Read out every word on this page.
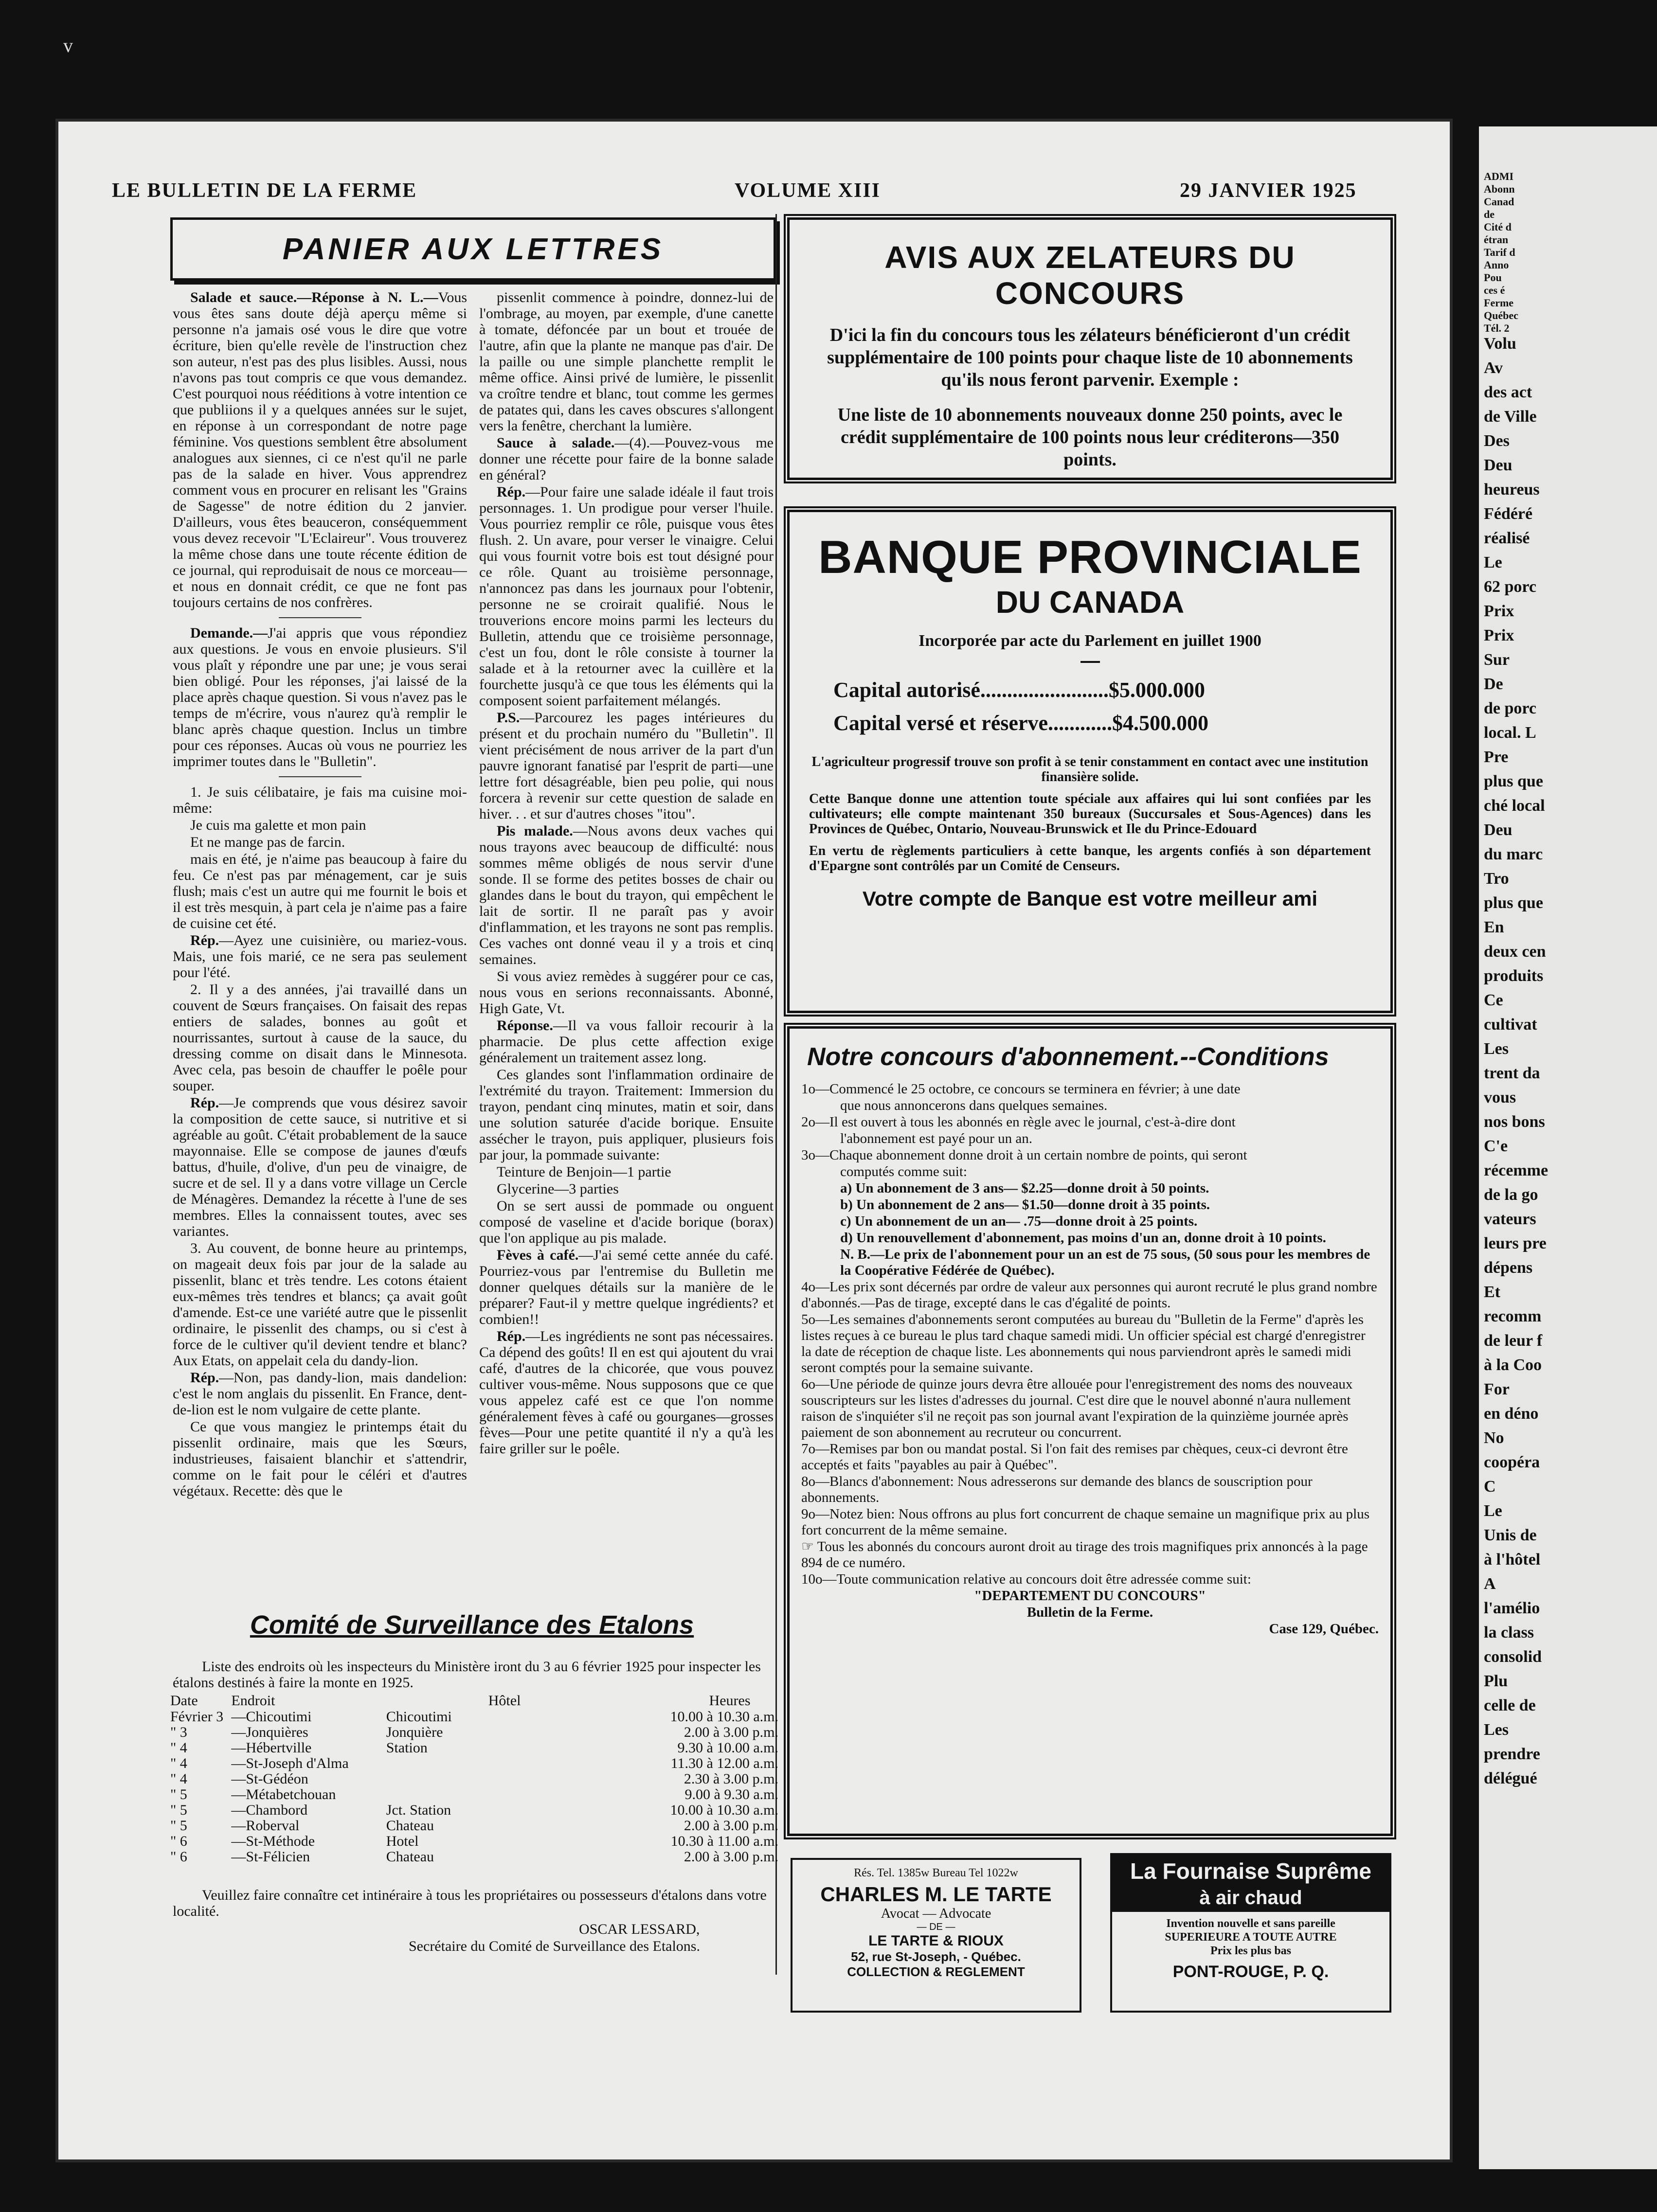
v
ADMI
Abonn
Canad
de
Cité d
étran
Tarif d
Anno
Pou
ces é
Ferme
Québec
Tél. 2
Volu
Av
des act
de Ville
Des
Deu
heureus
Fédéré
réalisé
Le
62 porc
Prix
Prix
Sur
De
de porc
local. L
Pre
plus que
ché local
Deu
du marc
Tro
plus que
En
deux cen
produits
Ce
cultivat
Les
trent da
vous
nos bons
C'e
récemme
de la go
vateurs
leurs pre
dépens
Et
recomm
de leur f
à la Coo
For
en déno
No
coopéra
C
Le
Unis de
à l'hôtel
A
l'amélio
la class
consolid
Plu
celle de
Les
prendre
délégué
LE BULLETIN DE LA FERME	VOLUME XIII	29 JANVIER 1925
PANIER AUX LETTRES

Salade et sauce.—Réponse à N. L.—Vous vous êtes sans doute déjà aperçu même si personne n'a jamais osé vous le dire que votre écriture, bien qu'elle revèle de l'instruction chez son auteur, n'est pas des plus lisibles. Aussi, nous n'avons pas tout compris ce que vous demandez. C'est pourquoi nous rééditions à votre intention ce que publiions il y a quelques années sur le sujet, en réponse à un correspondant de notre page féminine. Vos questions semblent être absolument analogues aux siennes, ci ce n'est qu'il ne parle pas de la salade en hiver. Vous apprendrez comment vous en procurer en relisant les "Grains de Sagesse" de notre édition du 2 janvier. D'ailleurs, vous êtes beauceron, conséquemment vous devez recevoir "L'Eclaireur". Vous trouverez la même chose dans une toute récente édition de ce journal, qui reproduisait de nous ce morceau—et nous en donnait crédit, ce que ne font pas toujours certains de nos confrères.

Demande.—J'ai appris que vous répondiez aux questions. Je vous en envoie plusieurs. S'il vous plaît y répondre une par une; je vous serai bien obligé. Pour les réponses, j'ai laissé de la place après chaque question. Si vous n'avez pas le temps de m'écrire, vous n'aurez qu'à remplir le blanc après chaque question. Inclus un timbre pour ces réponses. Aucas où vous ne pourriez les imprimer toutes dans le "Bulletin".

1. Je suis célibataire, je fais ma cuisine moi-même:

Je cuis ma galette et mon pain

Et ne mange pas de farcin.

mais en été, je n'aime pas beaucoup à faire du feu. Ce n'est pas par ménagement, car je suis flush; mais c'est un autre qui me fournit le bois et il est très mesquin, à part cela je n'aime pas a faire de cuisine cet été.

Rép.—Ayez une cuisinière, ou mariez-vous. Mais, une fois marié, ce ne sera pas seulement pour l'été.

2. Il y a des années, j'ai travaillé dans un couvent de Sœurs françaises. On faisait des repas entiers de salades, bonnes au goût et nourrissantes, surtout à cause de la sauce, du dressing comme on disait dans le Minnesota. Avec cela, pas besoin de chauffer le poêle pour souper.

Rép.—Je comprends que vous désirez savoir la composition de cette sauce, si nutritive et si agréable au goût. C'était probablement de la sauce mayonnaise. Elle se compose de jaunes d'œufs battus, d'huile, d'olive, d'un peu de vinaigre, de sucre et de sel. Il y a dans votre village un Cercle de Ménagères. Demandez la récette à l'une de ses membres. Elles la connaissent toutes, avec ses variantes.

3. Au couvent, de bonne heure au printemps, on mageait deux fois par jour de la salade au pissenlit, blanc et très tendre. Les cotons étaient eux-mêmes très tendres et blancs; ça avait goût d'amende. Est-ce une variété autre que le pissenlit ordinaire, le pissenlit des champs, ou si c'est à force de le cultiver qu'il devient tendre et blanc? Aux Etats, on appelait cela du dandy-lion.

Rép.—Non, pas dandy-lion, mais dandelion: c'est le nom anglais du pissenlit. En France, dent-de-lion est le nom vulgaire de cette plante.

Ce que vous mangiez le printemps était du pissenlit ordinaire, mais que les Sœurs, industrieuses, faisaient blanchir et s'attendrir, comme on le fait pour le céléri et d'autres végétaux. Recette: dès que le

pissenlit commence à poindre, donnez-lui de l'ombrage, au moyen, par exemple, d'une canette à tomate, défoncée par un bout et trouée de l'autre, afin que la plante ne manque pas d'air. De la paille ou une simple planchette remplit le même office. Ainsi privé de lumière, le pissenlit va croître tendre et blanc, tout comme les germes de patates qui, dans les caves obscures s'allongent vers la fenêtre, cherchant la lumière.

Sauce à salade.—(4).—Pouvez-vous me donner une récette pour faire de la bonne salade en général?

Rép.—Pour faire une salade idéale il faut trois personnages. 1. Un prodigue pour verser l'huile. Vous pourriez remplir ce rôle, puisque vous êtes flush. 2. Un avare, pour verser le vinaigre. Celui qui vous fournit votre bois est tout désigné pour ce rôle. Quant au troisième personnage, n'annoncez pas dans les journaux pour l'obtenir, personne ne se croirait qualifié. Nous le trouverions encore moins parmi les lecteurs du Bulletin, attendu que ce troisième personnage, c'est un fou, dont le rôle consiste à tourner la salade et à la retourner avec la cuillère et la fourchette jusqu'à ce que tous les éléments qui la composent soient parfaitement mélangés.

P.S.—Parcourez les pages intérieures du présent et du prochain numéro du "Bulletin". Il vient précisément de nous arriver de la part d'un pauvre ignorant fanatisé par l'esprit de parti—une lettre fort désagréable, bien peu polie, qui nous forcera à revenir sur cette question de salade en hiver. . . et sur d'autres choses "itou".

Pis malade.—Nous avons deux vaches qui nous trayons avec beaucoup de difficulté: nous sommes même obligés de nous servir d'une sonde. Il se forme des petites bosses de chair ou glandes dans le bout du trayon, qui empêchent le lait de sortir. Il ne paraît pas y avoir d'inflammation, et les trayons ne sont pas remplis. Ces vaches ont donné veau il y a trois et cinq semaines.

Si vous aviez remèdes à suggérer pour ce cas, nous vous en serions reconnaissants. Abonné, High Gate, Vt.

Réponse.—Il va vous falloir recourir à la pharmacie. De plus cette affection exige généralement un traitement assez long.

Ces glandes sont l'inflammation ordinaire de l'extrémité du trayon. Traitement: Immersion du trayon, pendant cinq minutes, matin et soir, dans une solution saturée d'acide borique. Ensuite assécher le trayon, puis appliquer, plusieurs fois par jour, la pommade suivante:

Teinture de Benjoin—1 partie

Glycerine—3 parties

On se sert aussi de pommade ou onguent composé de vaseline et d'acide borique (borax) que l'on applique au pis malade.

Fèves à café.—J'ai semé cette année du café. Pourriez-vous par l'entremise du Bulletin me donner quelques détails sur la manière de le préparer? Faut-il y mettre quelque ingrédients? et combien!!

Rép.—Les ingrédients ne sont pas nécessaires. Ca dépend des goûts! Il en est qui ajoutent du vrai café, d'autres de la chicorée, que vous pouvez cultiver vous-même. Nous supposons que ce que vous appelez café est ce que l'on nomme généralement fèves à café ou gourganes—grosses fèves—Pour une petite quantité il n'y a qu'à les faire griller sur le poêle.

Comité de Surveillance des Etalons
Liste des endroits où les inspecteurs du Ministère iront du 3 au 6 février 1925 pour inspecter les étalons destinés à faire la monte en 1925.
Date	Endroit	Hôtel	Heures
Février 3	—Chicoutimi	Chicoutimi	10.00 à 10.30 a.m.
" 3	—Jonquières	Jonquière	2.00 à 3.00 p.m.
" 4	—Hébertville	Station	9.30 à 10.00 a.m.
" 4	—St-Joseph d'Alma		11.30 à 12.00 a.m.
" 4	—St-Gédéon		2.30 à 3.00 p.m.
" 5	—Métabetchouan		9.00 à 9.30 a.m.
" 5	—Chambord	Jct. Station	10.00 à 10.30 a.m.
" 5	—Roberval	Chateau	2.00 à 3.00 p.m.
" 6	—St-Méthode	Hotel	10.30 à 11.00 a.m.
" 6	—St-Félicien	Chateau	2.00 à 3.00 p.m.
Veuillez faire connaître cet intinéraire à tous les propriétaires ou possesseurs d'étalons dans votre localité.
OSCAR LESSARD,
Secrétaire du Comité de Surveillance des Etalons.
AVIS AUX ZELATEURS DU CONCOURS
D'ici la fin du concours tous les zélateurs bénéficieront d'un crédit supplémentaire de 100 points pour chaque liste de 10 abonnements qu'ils nous feront parvenir. Exemple :
Une liste de 10 abonnements nouveaux donne 250 points, avec le crédit supplémentaire de 100 points nous leur créditerons—350 points.
BANQUE PROVINCIALE
DU CANADA
Incorporée par acte du Parlement en juillet 1900
Capital autorisé........................$5.000.000
Capital versé et réserve............$4.500.000
L'agriculteur progressif trouve son profit à se tenir constamment en contact avec une institution finansière solide.
Cette Banque donne une attention toute spéciale aux affaires qui lui sont confiées par les cultivateurs; elle compte maintenant 350 bureaux (Succursales et Sous-Agences) dans les Provinces de Québec, Ontario, Nouveau-Brunswick et Ile du Prince-Edouard
En vertu de règlements particuliers à cette banque, les argents confiés à son département d'Epargne sont contrôlés par un Comité de Censeurs.
Votre compte de Banque est votre meilleur ami
Notre concours d'abonnement.--Conditions
1o—Commencé le 25 octobre, ce concours se terminera en février; à une date
que nous annoncerons dans quelques semaines.
2o—Il est ouvert à tous les abonnés en règle avec le journal, c'est-à-dire dont
l'abonnement est payé pour un an.
3o—Chaque abonnement donne droit à un certain nombre de points, qui seront
computés comme suit:
a) Un abonnement de 3 ans— $2.25—donne droit à 50 points.
b) Un abonnement de 2 ans— $1.50—donne droit à 35 points.
c) Un abonnement de un an— .75—donne droit à 25 points.
d) Un renouvellement d'abonnement, pas moins d'un an, donne droit à 10 points.
N. B.—Le prix de l'abonnement pour un an est de 75 sous, (50 sous pour les membres de la Coopérative Fédérée de Québec).
4o—Les prix sont décernés par ordre de valeur aux personnes qui auront recruté le plus grand nombre d'abonnés.—Pas de tirage, excepté dans le cas d'égalité de points.
5o—Les semaines d'abonnements seront computées au bureau du "Bulletin de la Ferme" d'après les listes reçues à ce bureau le plus tard chaque samedi midi. Un officier spécial est chargé d'enregistrer la date de réception de chaque liste. Les abonnements qui nous parviendront après le samedi midi seront comptés pour la semaine suivante.
6o—Une période de quinze jours devra être allouée pour l'enregistrement des noms des nouveaux souscripteurs sur les listes d'adresses du journal. C'est dire que le nouvel abonné n'aura nullement raison de s'inquiéter s'il ne reçoit pas son journal avant l'expiration de la quinzième journée après paiement de son abonnement au recruteur ou concurrent.
7o—Remises par bon ou mandat postal. Si l'on fait des remises par chèques, ceux-ci devront être acceptés et faits "payables au pair à Québec".
8o—Blancs d'abonnement: Nous adresserons sur demande des blancs de souscription pour abonnements.
9o—Notez bien: Nous offrons au plus fort concurrent de chaque semaine un magnifique prix au plus fort concurrent de la même semaine.
☞ Tous les abonnés du concours auront droit au tirage des trois magnifiques prix annoncés à la page 894 de ce numéro.
10o—Toute communication relative au concours doit être adressée comme suit:
"DEPARTEMENT DU CONCOURS"
Bulletin de la Ferme.
Case 129, Québec.
Rés. Tel. 1385w Bureau Tel 1022w
CHARLES M. LE TARTE
Avocat — Advocate
— DE —
LE TARTE & RIOUX
52, rue St-Joseph, - Québec.
COLLECTION & REGLEMENT
La Fournaise Suprême
à air chaud
Invention nouvelle et sans pareille
SUPERIEURE A TOUTE AUTRE
Prix les plus bas
PONT-ROUGE, P. Q.
